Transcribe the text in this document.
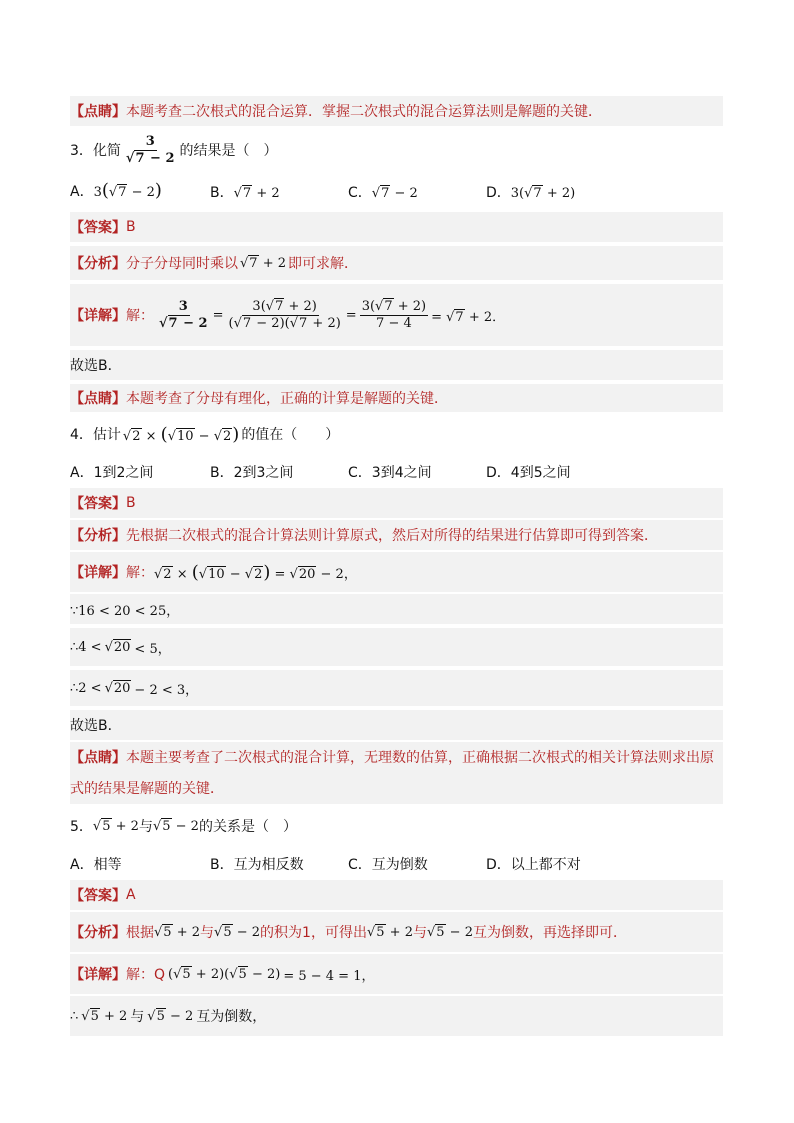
【点睛】 本题考查二次根式的混合运算．掌握二次根式的混合运算法则是解题的关键．
3．化简 $\frac{3}{√7 - 2}$ 的结果是（　）
A．3(√7 − 2)	B．√7 + 2	C．√7 − 2	D．3(√7 + 2)
【答案】 B
【分析】 分子分母同时乘以 √7 + 2 即可求解．
【详解】 解： $\frac{3}{√7 - 2} = \frac{3(√7 + 2)}{(√7 - 2)(√7 + 2)} = \frac{3(√7 + 2)}{7 - 4} = √7 + 2$．
故选B．
【点睛】 本题考查了分母有理化，正确的计算是解题的关键．
4．估计 √2 × (√10 − √2) 的值在（　　）
A．1到2之间	B．2到3之间	C．3到4之间	D．4到5之间
【答案】 B
【分析】 先根据二次根式的混合计算法则计算原式，然后对所得的结果进行估算即可得到答案．
【详解】 解： √2 × (√10 − √2) = √20 − 2，
∵16 < 20 < 25，
∴4 < √20 < 5，
∴2 < √20 − 2 < 3，
故选B．
【点睛】 本题主要考查了二次根式的混合计算，无理数的估算，正确根据二次根式的相关计算法则求出原
式的结果是解题的关键．
5． √5 + 2 与 √5 − 2 的关系是（　）
A．相等	B．互为相反数	C．互为倒数	D．以上都不对
【答案】 A
【分析】 根据 √5 + 2 与 √5 − 2 的积为1，可得出 √5 + 2 与 √5 − 2 互为倒数，再选择即可．
【详解】 解：Q (√5 + 2)(√5 − 2) = 5 − 4 = 1，
∴ √5 + 2 与 √5 − 2 互为倒数，
